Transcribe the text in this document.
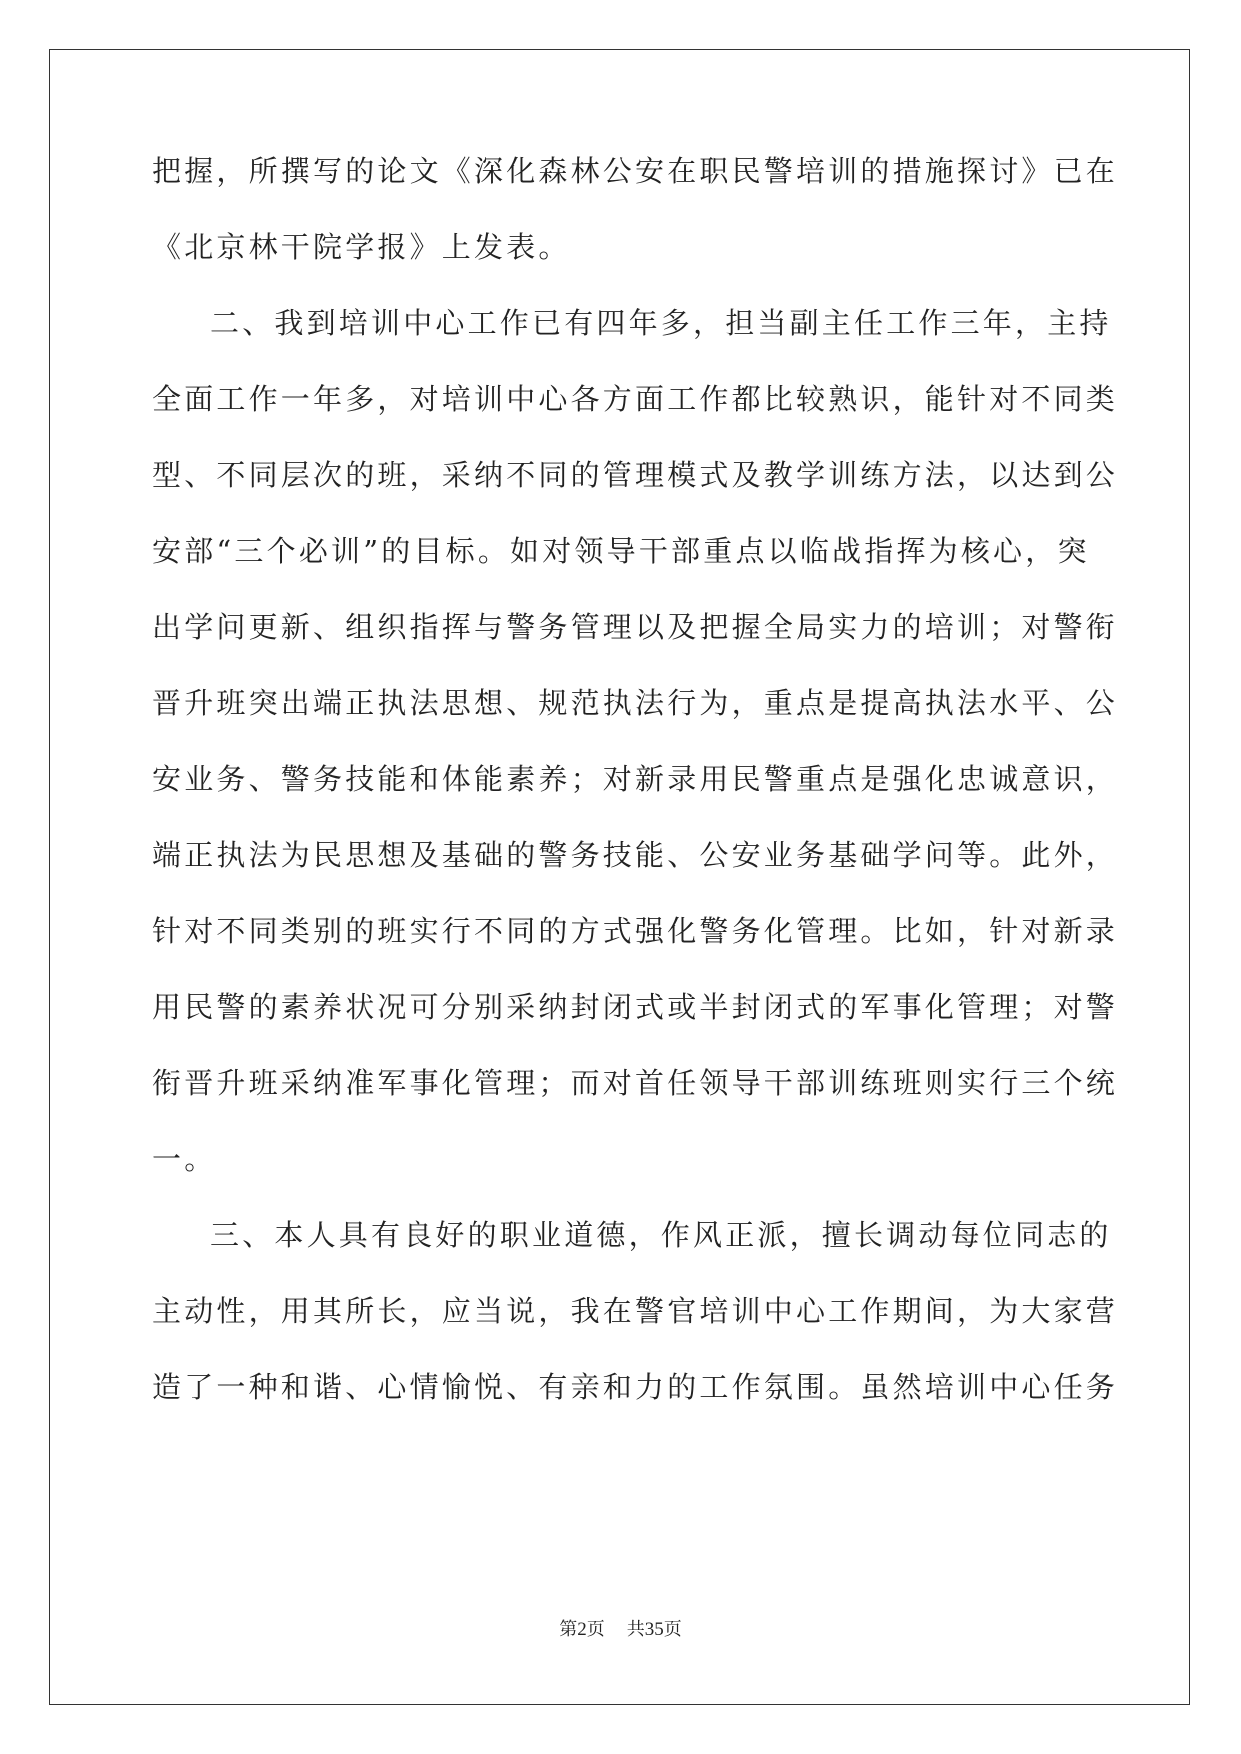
把握，所撰写的论文《深化森林公安在职民警培训的措施探讨》已在
《北京林干院学报》上发表。
二、我到培训中心工作已有四年多，担当副主任工作三年，主持
全面工作一年多，对培训中心各方面工作都比较熟识，能针对不同类
型、不同层次的班，采纳不同的管理模式及教学训练方法，以达到公
安部“三个必训”的目标。如对领导干部重点以临战指挥为核心，突
出学问更新、组织指挥与警务管理以及把握全局实力的培训；对警衔
晋升班突出端正执法思想、规范执法行为，重点是提高执法水平、公
安业务、警务技能和体能素养；对新录用民警重点是强化忠诚意识，
端正执法为民思想及基础的警务技能、公安业务基础学问等。此外，
针对不同类别的班实行不同的方式强化警务化管理。比如，针对新录
用民警的素养状况可分别采纳封闭式或半封闭式的军事化管理；对警
衔晋升班采纳准军事化管理；而对首任领导干部训练班则实行三个统
一。
三、本人具有良好的职业道德，作风正派，擅长调动每位同志的
主动性，用其所长，应当说，我在警官培训中心工作期间，为大家营
造了一种和谐、心情愉悦、有亲和力的工作氛围。虽然培训中心任务
第2页 共35页
